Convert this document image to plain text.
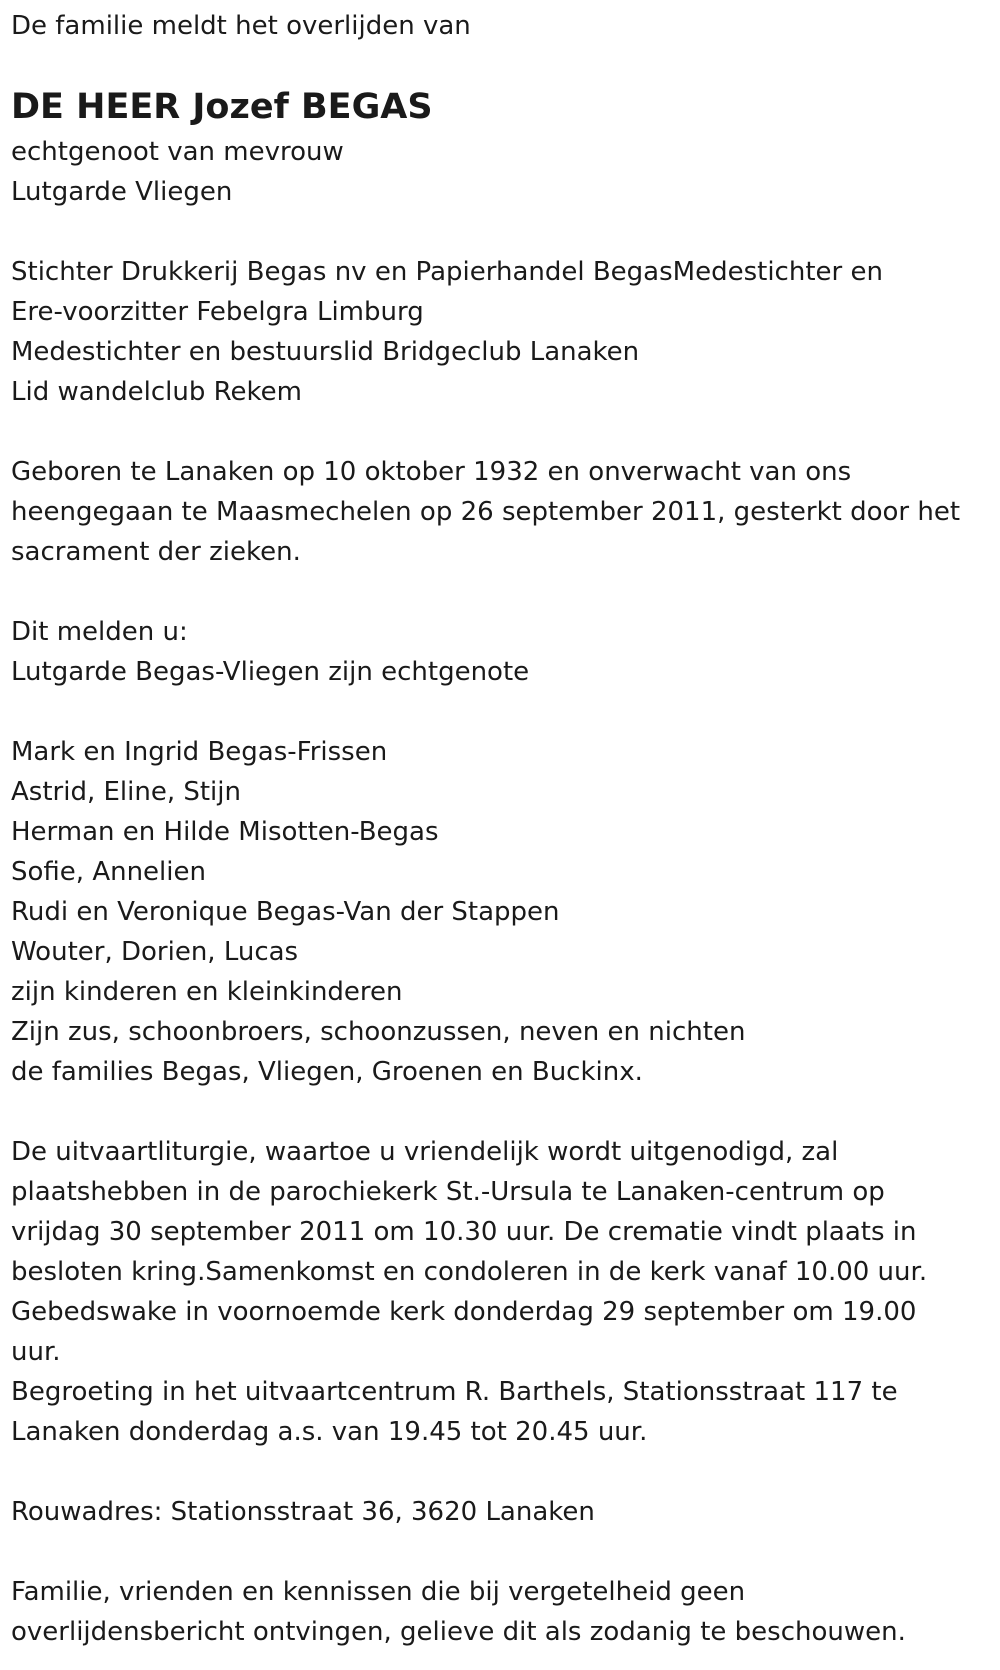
De familie meldt het overlijden van

DE HEER Jozef BEGAS
echtgenoot van mevrouw
Lutgarde Vliegen
Stichter Drukkerij Begas nv en Papierhandel BegasMedestichter en
Ere-voorzitter Febelgra Limburg
Medestichter en bestuurslid Bridgeclub Lanaken
Lid wandelclub Rekem
Geboren te Lanaken op 10 oktober 1932 en onverwacht van ons
heengegaan te Maasmechelen op 26 september 2011, gesterkt door het
sacrament der zieken.
Dit melden u:
Lutgarde Begas-Vliegen zijn echtgenote
Mark en Ingrid Begas-Frissen
Astrid, Eline, Stijn
Herman en Hilde Misotten-Begas
Sofie, Annelien
Rudi en Veronique Begas-Van der Stappen
Wouter, Dorien, Lucas
zijn kinderen en kleinkinderen
Zijn zus, schoonbroers, schoonzussen, neven en nichten
de families Begas, Vliegen, Groenen en Buckinx.
De uitvaartliturgie, waartoe u vriendelijk wordt uitgenodigd, zal
plaatshebben in de parochiekerk St.-Ursula te Lanaken-centrum op
vrijdag 30 september 2011 om 10.30 uur. De crematie vindt plaats in
besloten kring.Samenkomst en condoleren in de kerk vanaf 10.00 uur.
Gebedswake in voornoemde kerk donderdag 29 september om 19.00
uur.
Begroeting in het uitvaartcentrum R. Barthels, Stationsstraat 117 te
Lanaken donderdag a.s. van 19.45 tot 20.45 uur.
Rouwadres: Stationsstraat 36, 3620 Lanaken
Familie, vrienden en kennissen die bij vergetelheid geen
overlijdensbericht ontvingen, gelieve dit als zodanig te beschouwen.
